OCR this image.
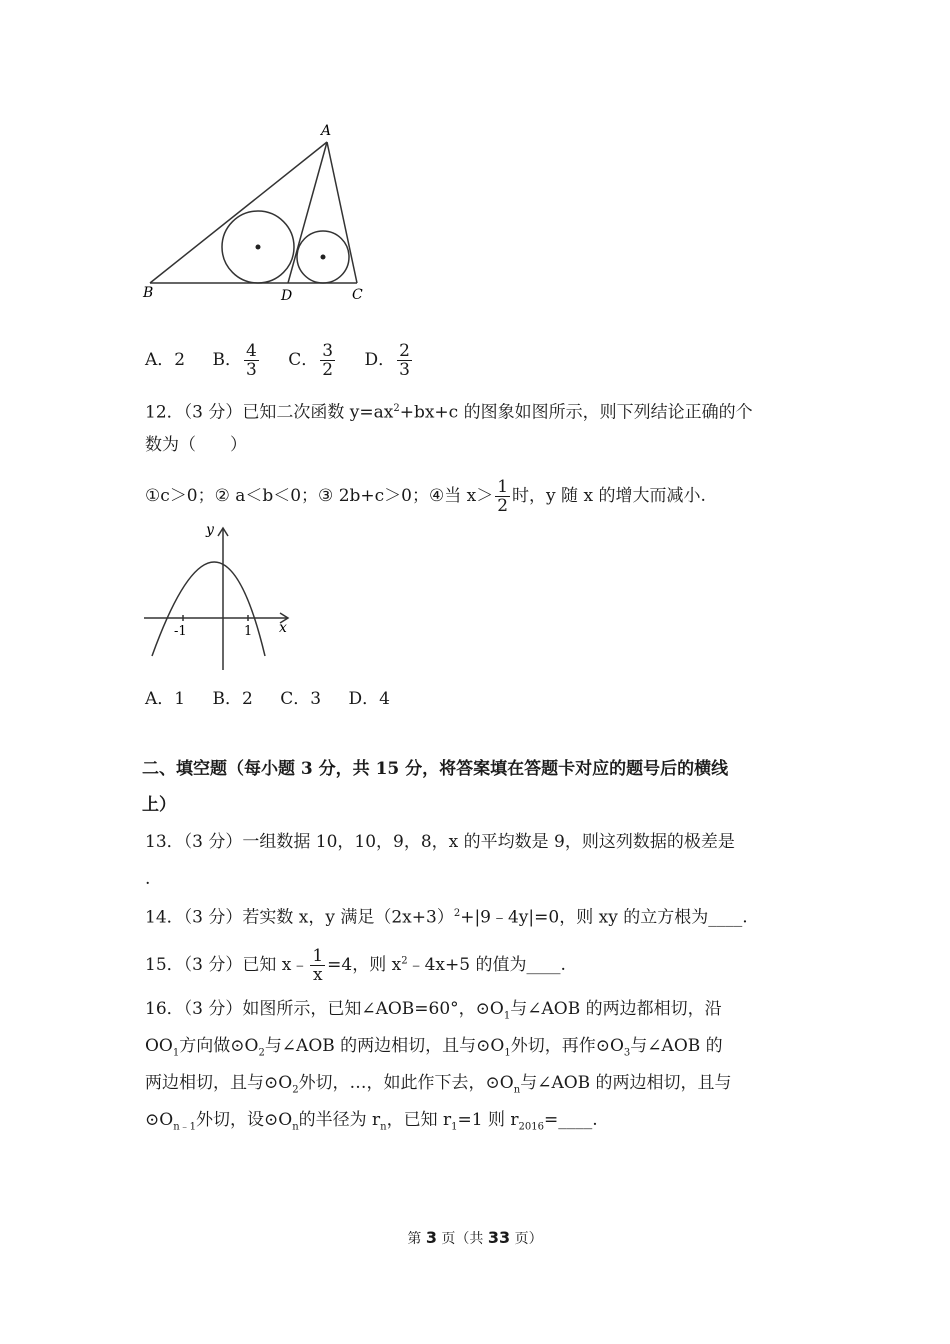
A
B	C
D
A．2 B． $\frac{4}{3}$ C． $\frac{3}{2}$ D． $\frac{2}{3}$
12．（3 分）已知二次函数 $y=ax^2+bx+c$ 的图象如图所示，则下列结论正确的个
数为（　　）
①c＞0；② a＜b＜0；③ 2b+c＞0；④当 $x> \frac{1}{2}$ 时，y 随 x 的增大而减小.
y
x
-1	1
A．1 B．2 C．3 D．4
二、填空题（每小题 3 分，共 15 分，将答案填在答题卡对应的题号后的横线
上）
13．（3 分）一组数据 10，10，9，8，x 的平均数是 9，则这列数据的极差是
.
14．（3 分）若实数 x，y 满足$(2x+3)^2+|9﹣4y|=0$，则 xy 的立方根为____.
15．（3 分）已知 x﹣ $\frac{1}{x} =4$，则 $x^2﹣4x+5$ 的值为____.
16．（3 分）如图所示，已知∠AOB=60°，$⊙O_1$与∠AOB 的两边都相切，沿
$OO_1$方向做$⊙O_2$与∠AOB 的两边相切，且与$⊙O_1$外切，再作$⊙O_3$与∠AOB 的
两边相切，且与$⊙O_2$外切，…，如此作下去，$⊙O_n$与∠AOB 的两边相切，且与
$⊙O_{n﹣1}$外切，设$⊙O_n$的半径为 $r_n$，已知 $r_1=1$ 则 $r_{2016}=\_\_\_\_$.
第 3 页（共 33 页）
